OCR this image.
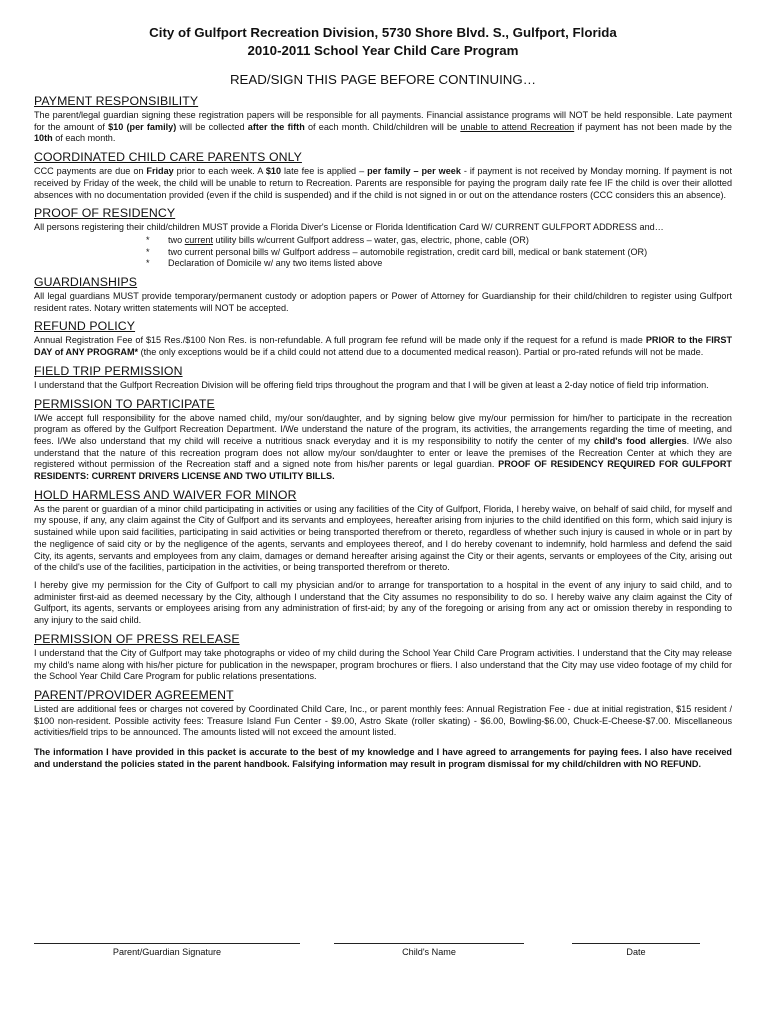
City of Gulfport Recreation Division, 5730 Shore Blvd. S., Gulfport, Florida
2010-2011 School Year Child Care Program
READ/SIGN THIS PAGE BEFORE CONTINUING…
PAYMENT RESPONSIBILITY

The parent/legal guardian signing these registration papers will be responsible for all payments. Financial assistance programs will NOT be held responsible. Late payment for the amount of $10 (per family) will be collected after the fifth of each month. Child/children will be unable to attend Recreation if payment has not been made by the 10th of each month.

COORDINATED CHILD CARE PARENTS ONLY

CCC payments are due on Friday prior to each week. A $10 late fee is applied – per family – per week - if payment is not received by Monday morning. If payment is not received by Friday of the week, the child will be unable to return to Recreation. Parents are responsible for paying the program daily rate fee IF the child is over their allotted absences with no documentation provided (even if the child is suspended) and if the child is not signed in or out on the attendance rosters (CCC considers this an absence).

PROOF OF RESIDENCY

All persons registering their child/children MUST provide a Florida Diver's License or Florida Identification Card W/ CURRENT GULFPORT ADDRESS and…

* two current utility bills w/current Gulfport address – water, gas, electric, phone, cable (OR)
* two current personal bills w/ Gulfport address – automobile registration, credit card bill, medical or bank statement (OR)
* Declaration of Domicile w/ any two items listed above
GUARDIANSHIPS

All legal guardians MUST provide temporary/permanent custody or adoption papers or Power of Attorney for Guardianship for their child/children to register using Gulfport resident rates. Notary written statements will NOT be accepted.

REFUND POLICY

Annual Registration Fee of $15 Res./$100 Non Res. is non-refundable. A full program fee refund will be made only if the request for a refund is made PRIOR to the FIRST DAY of ANY PROGRAM* (the only exceptions would be if a child could not attend due to a documented medical reason). Partial or pro-rated refunds will not be made.

FIELD TRIP PERMISSION

I understand that the Gulfport Recreation Division will be offering field trips throughout the program and that I will be given at least a 2-day notice of field trip information.

PERMISSION TO PARTICIPATE

I/We accept full responsibility for the above named child, my/our son/daughter, and by signing below give my/our permission for him/her to participate in the recreation program as offered by the Gulfport Recreation Department. I/We understand the nature of the program, its activities, the arrangements regarding the time of meeting, and fees. I/We also understand that my child will receive a nutritious snack everyday and it is my responsibility to notify the center of my child's food allergies. I/We also understand that the nature of this recreation program does not allow my/our son/daughter to enter or leave the premises of the Recreation Center at which they are registered without permission of the Recreation staff and a signed note from his/her parents or legal guardian. PROOF OF RESIDENCY REQUIRED FOR GULFPORT RESIDENTS: CURRENT DRIVERS LICENSE AND TWO UTILITY BILLS.

HOLD HARMLESS AND WAIVER FOR MINOR

As the parent or guardian of a minor child participating in activities or using any facilities of the City of Gulfport, Florida, I hereby waive, on behalf of said child, for myself and my spouse, if any, any claim against the City of Gulfport and its servants and employees, hereafter arising from injuries to the child identified on this form, which said injury is sustained while upon said facilities, participating in said activities or being transported therefrom or thereto, regardless of whether such injury is caused in whole or in part by the negligence of said city or by the negligence of the agents, servants and employees thereof, and I do hereby covenant to indemnify, hold harmless and defend the said City, its agents, servants and employees from any claim, damages or demand hereafter arising against the City or their agents, servants or employees of the City, arising out of the child's use of the facilities, participation in the activities, or being transported therefrom or thereto.

I hereby give my permission for the City of Gulfport to call my physician and/or to arrange for transportation to a hospital in the event of any injury to said child, and to administer first-aid as deemed necessary by the City, although I understand that the City assumes no responsibility to do so. I hereby waive any claim against the City of Gulfport, its agents, servants or employees arising from any administration of first-aid; by any of the foregoing or arising from any act or omission thereby in responding to any injury to the said child.

PERMISSION OF PRESS RELEASE

I understand that the City of Gulfport may take photographs or video of my child during the School Year Child Care Program activities. I understand that the City may release my child's name along with his/her picture for publication in the newspaper, program brochures or fliers. I also understand that the City may use video footage of my child for the School Year Child Care Program for public relations presentations.

PARENT/PROVIDER AGREEMENT

Listed are additional fees or charges not covered by Coordinated Child Care, Inc., or parent monthly fees: Annual Registration Fee - due at initial registration, $15 resident / $100 non-resident. Possible activity fees: Treasure Island Fun Center - $9.00, Astro Skate (roller skating) - $6.00, Bowling-$6.00, Chuck-E-Cheese-$7.00. Miscellaneous activities/field trips to be announced. The amounts listed will not exceed the amount listed.

The information I have provided in this packet is accurate to the best of my knowledge and I have agreed to arrangements for paying fees. I also have received and understand the policies stated in the parent handbook. Falsifying information may result in program dismissal for my child/children with NO REFUND.

Parent/Guardian Signature	Child's Name	Date
